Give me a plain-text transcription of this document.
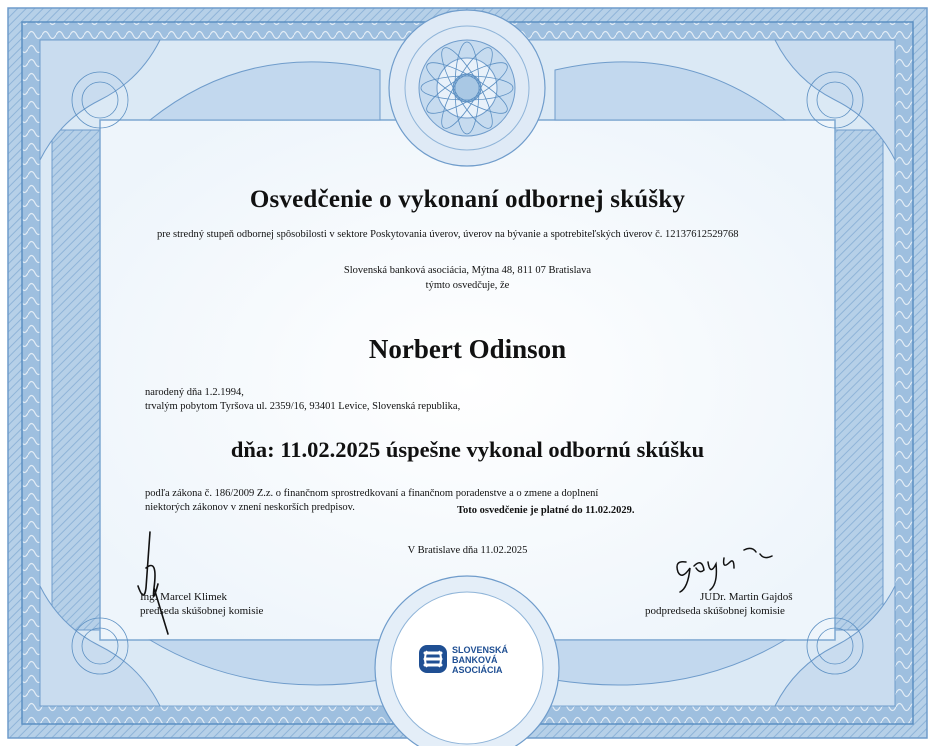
Osvedčenie o vykonaní odbornej skúšky
pre stredný stupeň odbornej spôsobilosti v sektore Poskytovania úverov, úverov na bývanie a spotrebiteľských úverov č. 12137612529768
Slovenská banková asociácia, Mýtna 48, 811 07 Bratislava
týmto osvedčuje, že
Norbert Odinson
narodený dňa 1.2.1994,
trvalým pobytom Tyršova ul. 2359/16, 93401 Levice, Slovenská republika,
dňa: 11.02.2025 úspešne vykonal odbornú skúšku
podľa zákona č. 186/2009 Z.z. o finančnom sprostredkovaní a finančnom poradenstve a o zmene a doplnení
niektorých zákonov v znení neskorších predpisov.	Toto osvedčenie je platné do 11.02.2029.
V Bratislave dňa 11.02.2025
Ing. Marcel Klimek
predseda skúšobnej komisie
JUDr. Martin Gajdoš
podpredseda skúšobnej komisie
SLOVENSKÁ
BANKOVÁ
ASOCIÁCIA
